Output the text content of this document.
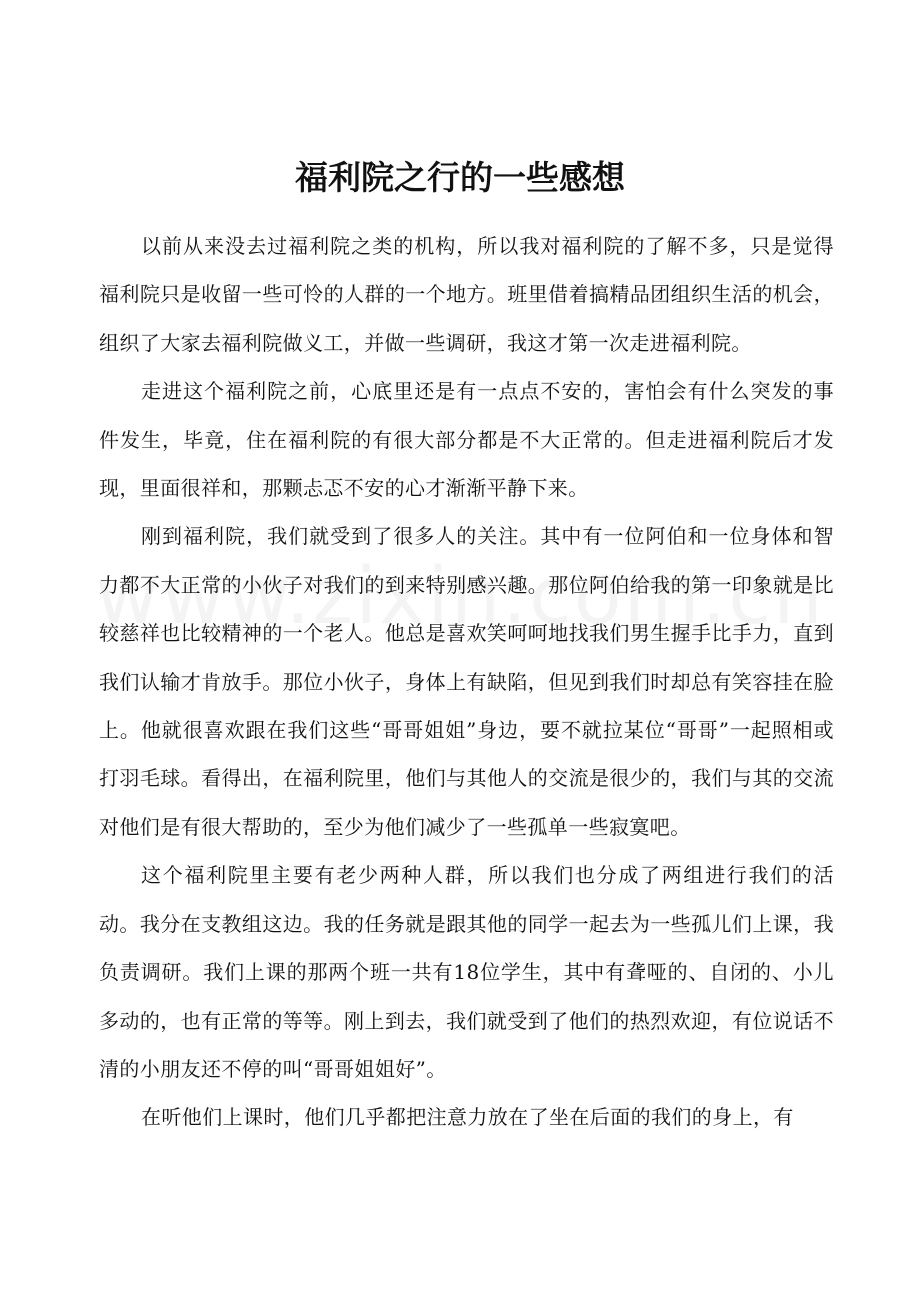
福利院之行的一些感想

以前从来没去过福利院之类的机构，所以我对福利院的了解不多，只是觉得福利院只是收留一些可怜的人群的一个地方。班里借着搞精品团组织生活的机会，组织了大家去福利院做义工，并做一些调研，我这才第一次走进福利院。

走进这个福利院之前，心底里还是有一点点不安的，害怕会有什么突发的事件发生，毕竟，住在福利院的有很大部分都是不大正常的。但走进福利院后才发现，里面很祥和，那颗忐忑不安的心才渐渐平静下来。

刚到福利院，我们就受到了很多人的关注。其中有一位阿伯和一位身体和智力都不大正常的小伙子对我们的到来特别感兴趣。那位阿伯给我的第一印象就是比较慈祥也比较精神的一个老人。他总是喜欢笑呵呵地找我们男生握手比手力，直到我们认输才肯放手。那位小伙子，身体上有缺陷，但见到我们时却总有笑容挂在脸上。他就很喜欢跟在我们这些“哥哥姐姐”身边，要不就拉某位“哥哥”一起照相或打羽毛球。看得出，在福利院里，他们与其他人的交流是很少的，我们与其的交流对他们是有很大帮助的，至少为他们减少了一些孤单一些寂寞吧。

这个福利院里主要有老少两种人群，所以我们也分成了两组进行我们的活动。我分在支教组这边。我的任务就是跟其他的同学一起去为一些孤儿们上课，我负责调研。我们上课的那两个班一共有18位学生，其中有聋哑的、自闭的、小儿多动的，也有正常的等等。刚上到去，我们就受到了他们的热烈欢迎，有位说话不清的小朋友还不停的叫“哥哥姐姐好”。

在听他们上课时，他们几乎都把注意力放在了坐在后面的我们的身上，有
